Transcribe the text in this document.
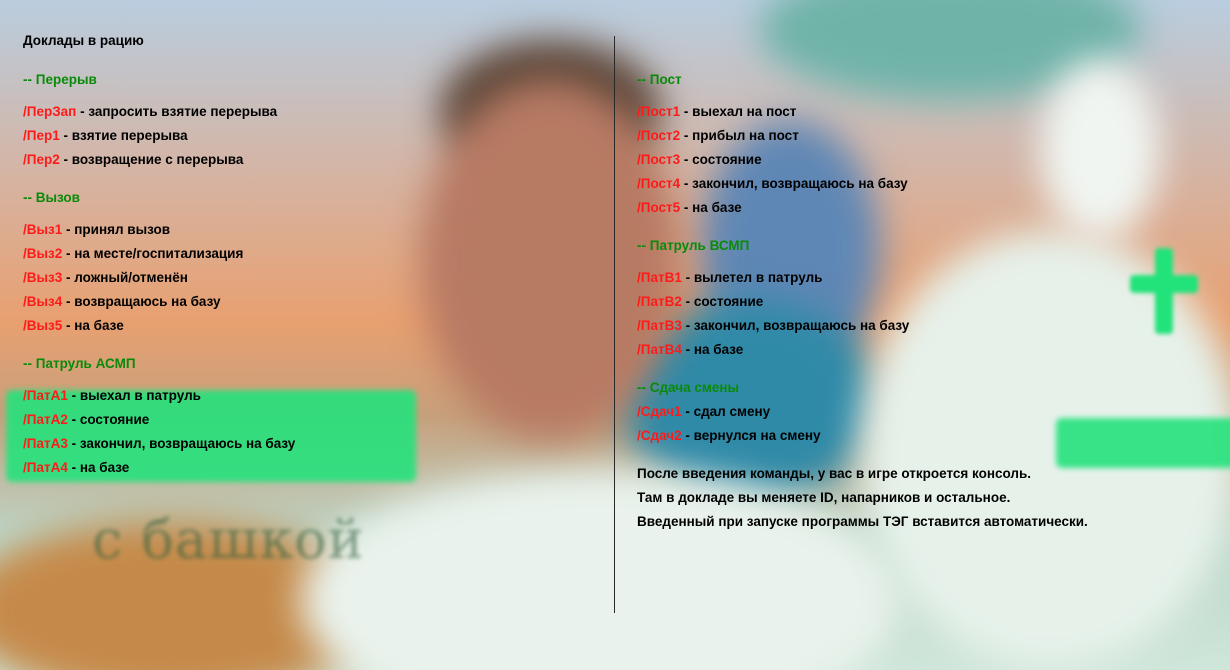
с башкой
Доклады в рацию
-- Перерыв
/ПерЗап - запросить взятие перерыва
/Пер1 - взятие перерыва
/Пер2 - возвращение с перерыва
-- Вызов
/Выз1 - принял вызов
/Выз2 - на месте/госпитализация
/Выз3 - ложный/отменён
/Выз4 - возвращаюсь на базу
/Выз5 - на базе
-- Патруль АСМП
/ПатА1 - выехал в патруль
/ПатА2 - состояние
/ПатА3 - закончил, возвращаюсь на базу
/ПатА4 - на базе
-- Пост
/Пост1 - выехал на пост
/Пост2 - прибыл на пост
/Пост3 - состояние
/Пост4 - закончил, возвращаюсь на базу
/Пост5 - на базе
-- Патруль ВСМП
/ПатВ1 - вылетел в патруль
/ПатВ2 - состояние
/ПатВ3 - закончил, возвращаюсь на базу
/ПатВ4 - на базе
-- Сдача смены
/Сдач1 - сдал смену
/Сдач2 - вернулся на смену
После введения команды, у вас в игре откроется консоль.
Там в докладе вы меняете ID, напарников и остальное.
Введенный при запуске программы ТЭГ вставится автоматически.
